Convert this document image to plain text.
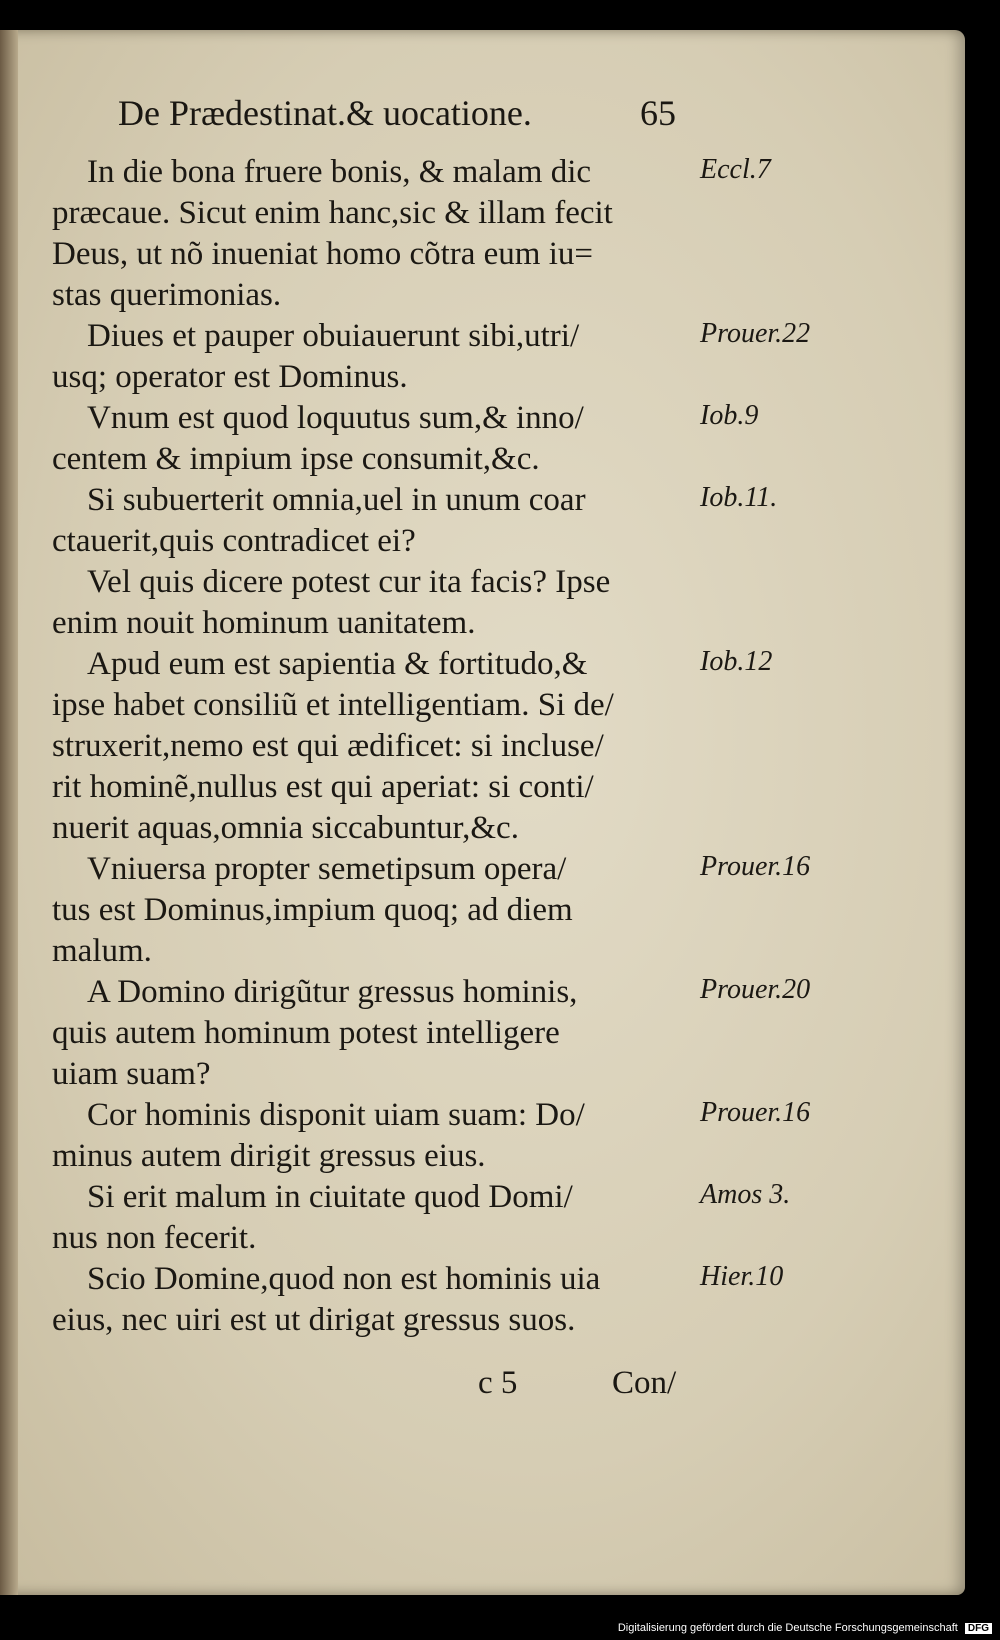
De Prædestinat.& uocatione.	65
In die bona fruere bonis, & malam dic
præcaue. Sicut enim hanc,sic & illam fecit
Deus, ut nõ inueniat homo cõtra eum iu=
stas querimonias.
Diues et pauper obuiauerunt sibi,utri/
usq; operator est Dominus.
Vnum est quod loquutus sum,& inno/
centem & impium ipse consumit,&c.
Si subuerterit omnia,uel in unum coar
ctauerit,quis contradicet ei?
Vel quis dicere potest cur ita facis? Ipse
enim nouit hominum uanitatem.
Apud eum est sapientia & fortitudo,&
ipse habet consiliũ et intelligentiam. Si de/
struxerit,nemo est qui ædificet: si incluse/
rit hominẽ,nullus est qui aperiat: si conti/
nuerit aquas,omnia siccabuntur,&c.
Vniuersa propter semetipsum opera/
tus est Dominus,impium quoq; ad diem
malum.
A Domino dirigũtur gressus hominis,
quis autem hominum potest intelligere
uiam suam?
Cor hominis disponit uiam suam: Do/
minus autem dirigit gressus eius.
Si erit malum in ciuitate quod Domi/
nus non fecerit.
Scio Domine,quod non est hominis uia
eius, nec uiri est ut dirigat gressus suos.
Eccl.7
Prouer.22
Iob.9
Iob.11.
Iob.12
Prouer.16
Prouer.20
Prouer.16
Amos 3.
Hier.10
c 5	Con/
Digitalisierung gefördert durch die Deutsche Forschungsgemeinschaft DFG
